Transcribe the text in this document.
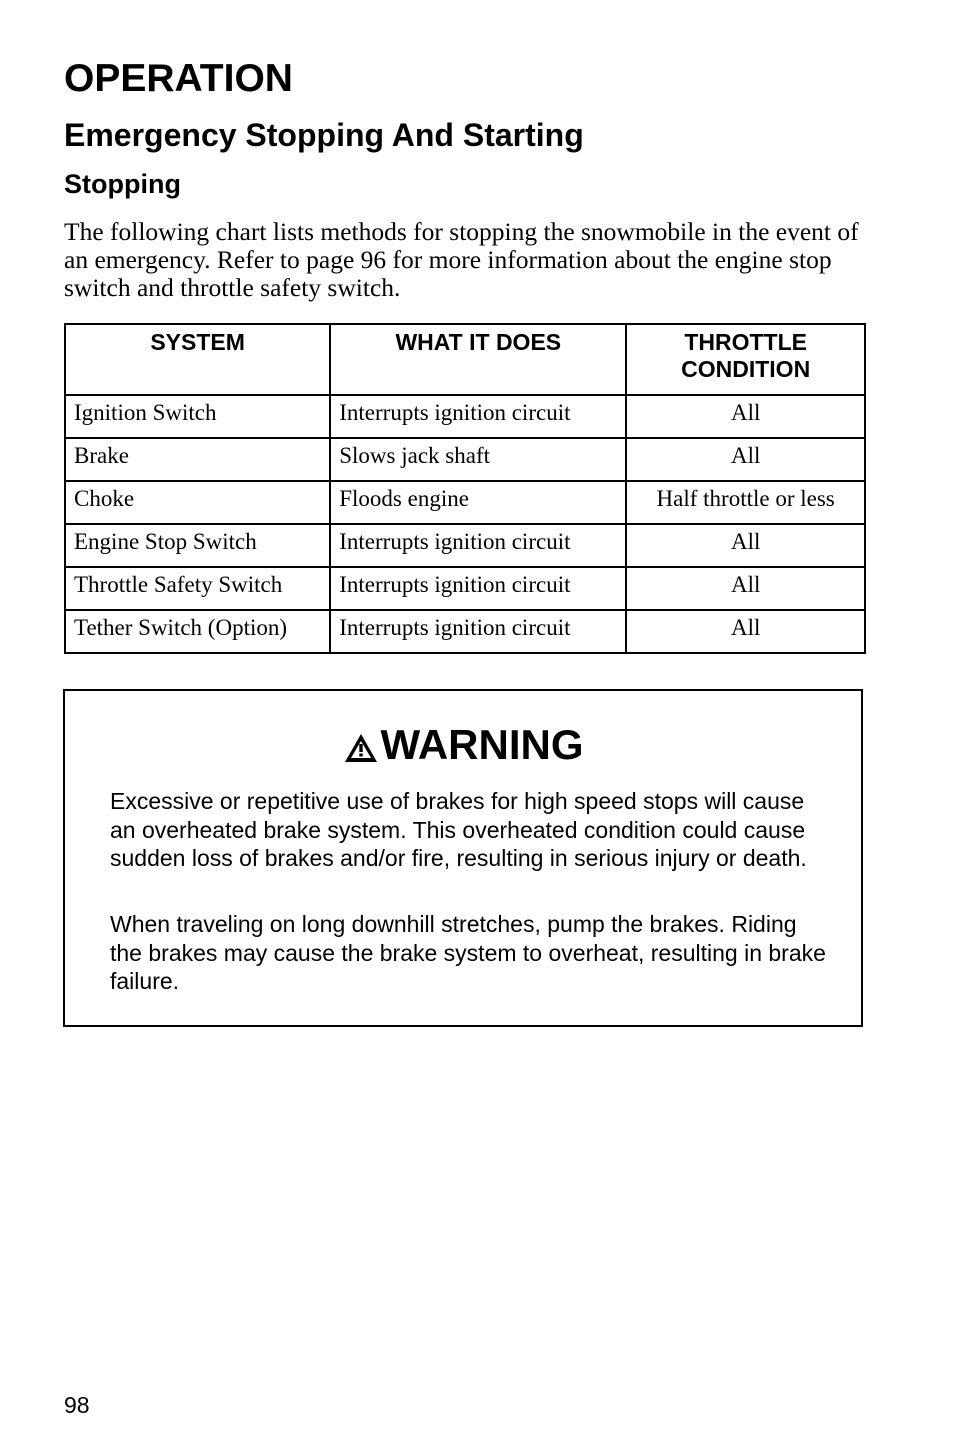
OPERATION
Emergency Stopping And Starting
Stopping

The following chart lists methods for stopping the snowmobile in the event of an emergency. Refer to page 96 for more information about the engine stop switch and throttle safety switch.

SYSTEM	WHAT IT DOES	THROTTLE CONDITION
Ignition Switch	Interrupts ignition circuit	All
Brake	Slows jack shaft	All
Choke	Floods engine	Half throttle or less
Engine Stop Switch	Interrupts ignition circuit	All
Throttle Safety Switch	Interrupts ignition circuit	All
Tether Switch (Option)	Interrupts ignition circuit	All
WARNING

Excessive or repetitive use of brakes for high speed stops will cause an overheated brake system. This overheated condition could cause sudden loss of brakes and/or fire, resulting in serious injury or death.

When traveling on long downhill stretches, pump the brakes. Riding the brakes may cause the brake system to overheat, resulting in brake failure.

98
